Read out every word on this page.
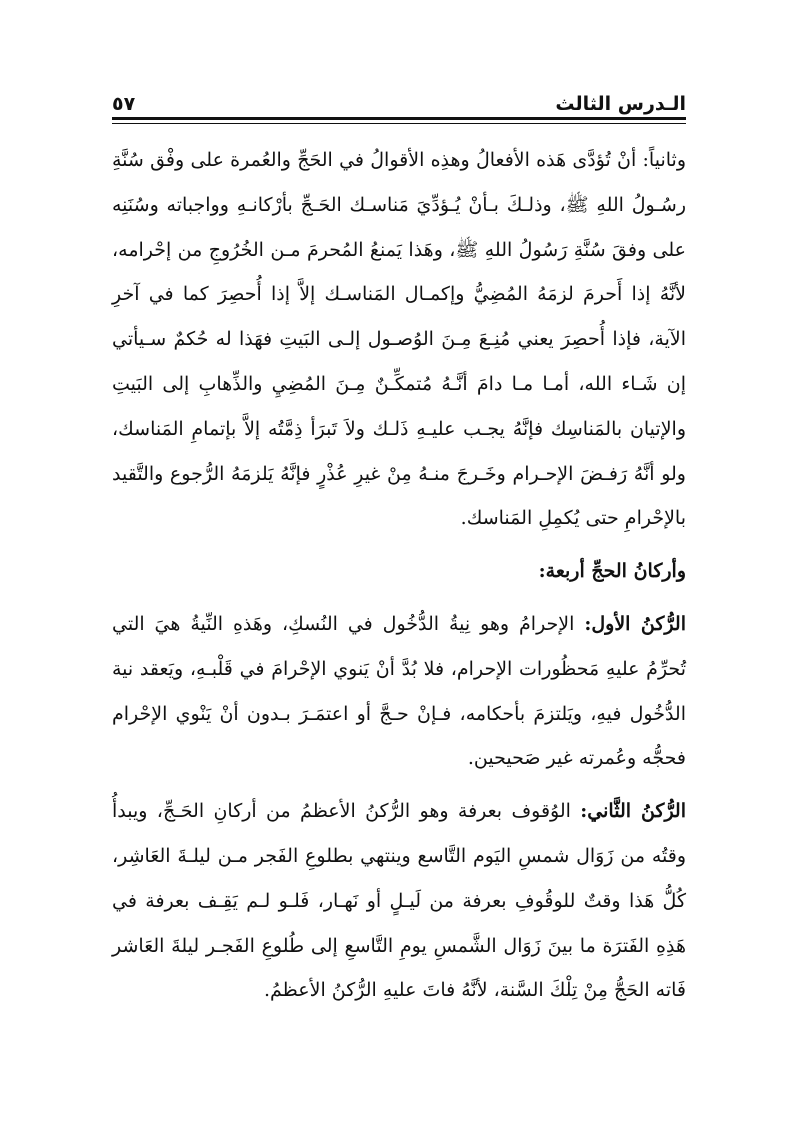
الـدرس الثالث
٥٧

وثانياً: أنْ تُؤدَّى هَذه الأفعالُ وهذِه الأقوالُ في الحَجِّ والعُمرة على وفْق سُنَّةِ رسُـولُ اللهِ ﷺ، وذلـكَ بـأنْ يُـؤدِّيَ مَناسـك الحَـجِّ بأرْكانـهِ وواجباته وسُنَنِه على وفقَ سُنَّةِ رَسُولُ اللهِ ﷺ، وهَذا يَمنعُ المُحرمَ مـن الخُرُوجِ من إحْرامه، لأنَّهُ إذا أَحرمَ لزمَهُ المُضِيُّ وإكمـال المَناسـك إلاَّ إذا أُحصِرَ كما في آخرِ الآية، فإذا أُحصِرَ يعني مُنِـعَ مِـنَ الوُصـول إلـى البَيتِ فهَذا له حُكمٌ سـيأتي إن شَـاء الله، أمـا مـا دامَ أنَّـهُ مُتمكِّـنٌ مِـنَ المُضِيِ والذِّهابِ إلى البَيتِ والإتيان بالمَناسِك فإنَّهُ يجـب عليـهِ ذَلـك ولاَ تَبرَأ ذِمَّتُه إلاَّ بإتمامِ المَناسك، ولو أنَّهُ رَفـضَ الإحـرام وخَـرجَ منـهُ مِنْ غيرِ عُذْرٍ فإنَّهُ يَلزمَهُ الرُّجوع والتَّقيد بالإحْرامِ حتى يُكمِلِ المَناسك.

وأركانُ الحجِّ أربعة:

الرُّكنُ الأول: الإحرامُ وهو نِيةُ الدُّخُول في النُسكِ، وهَذهِ النِّيةُ هيَ التي تُحرِّمُ عليهِ مَحظُورات الإحرام، فلا بُدَّ أنْ يَنوي الإحْرامَ في قَلْبـهِ، ويَعقد نية الدُّخُول فيهِ، ويَلتزمَ بأحكامه، فـإنْ حـجَّ أو اعتمَـرَ بـدون أنْ يَنْوي الإحْرام فحجُّه وعُمرته غير صَحيحين.

الرُّكنُ الثَّاني: الوُقوف بعرفة وهو الرُّكنُ الأعظمُ من أركانِ الحَـجِّ، ويبدأُ وقتُه من زَوَال شمسِ اليَوم التَّاسع وينتهي بطلوعِ الفَجر مـن ليلـةَ العَاشِر، كُلُّ هَذا وقتٌ للوقُوفِ بعرفة من لَيـلٍ أو نَهـار، فَلـو لـم يَقِـف بعرفة في هَذِهِ الفَترَة ما بينَ زَوَال الشَّمسِ يومِ التَّاسعِ إلى طُلوعِ الفَجـر ليلةَ العَاشر فَاته الحَجُّ مِنْ تِلْكَ السَّنة، لأنَّهُ فاتَ عليهِ الرُّكنُ الأعظمُ.
